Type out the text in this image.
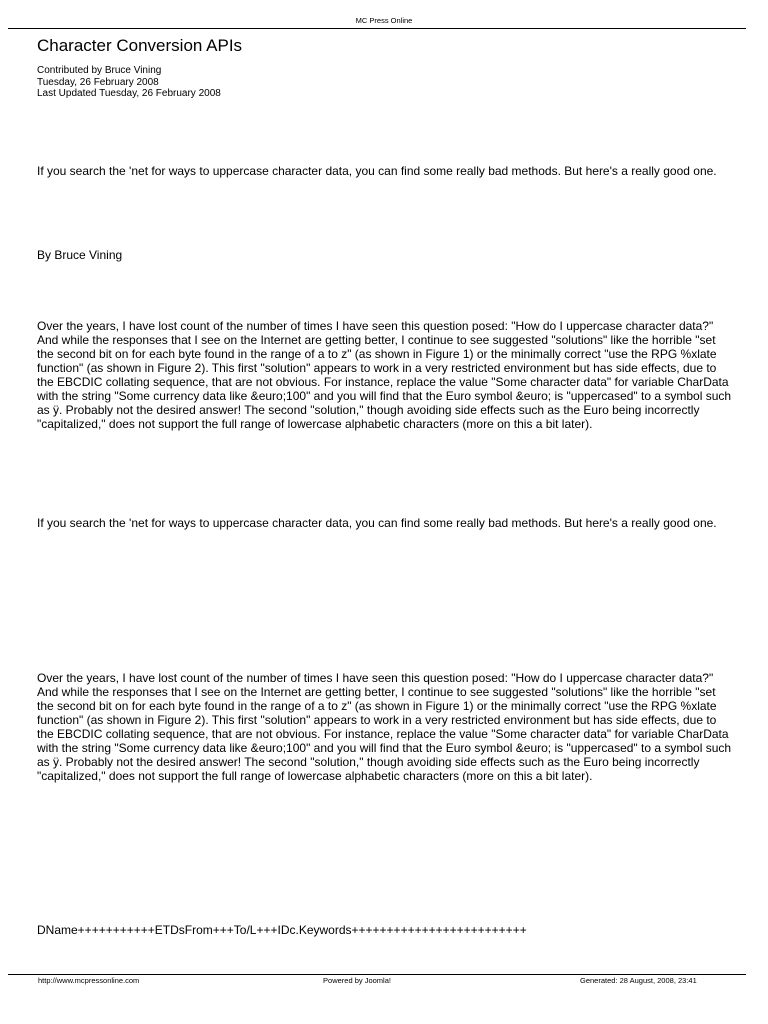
MC Press Online
Character Conversion APIs
Contributed by Bruce Vining
Tuesday, 26 February 2008
Last Updated Tuesday, 26 February 2008

If you search the 'net for ways to uppercase character data, you can find some really bad methods. But here's a really good one.

By Bruce Vining

Over the years, I have lost count of the number of times I have seen this question posed: "How do I uppercase character data?" And while the responses that I see on the Internet are getting better, I continue to see suggested "solutions" like the horrible "set the second bit on for each byte found in the range of a to z" (as shown in Figure 1) or the minimally correct "use the RPG %xlate function" (as shown in Figure 2). This first "solution" appears to work in a very restricted environment but has side effects, due to the EBCDIC collating sequence, that are not obvious. For instance, replace the value "Some character data" for variable CharData with the string "Some currency data like &euro;100" and you will find that the Euro symbol &euro; is "uppercased" to a symbol such as ÿ. Probably not the desired answer! The second "solution," though avoiding side effects such as the Euro being incorrectly "capitalized," does not support the full range of lowercase alphabetic characters (more on this a bit later).

If you search the 'net for ways to uppercase character data, you can find some really bad methods. But here's a really good one.

Over the years, I have lost count of the number of times I have seen this question posed: "How do I uppercase character data?" And while the responses that I see on the Internet are getting better, I continue to see suggested "solutions" like the horrible "set the second bit on for each byte found in the range of a to z" (as shown in Figure 1) or the minimally correct "use the RPG %xlate function" (as shown in Figure 2). This first "solution" appears to work in a very restricted environment but has side effects, due to the EBCDIC collating sequence, that are not obvious. For instance, replace the value "Some character data" for variable CharData with the string "Some currency data like &euro;100" and you will find that the Euro symbol &euro; is "uppercased" to a symbol such as ÿ. Probably not the desired answer! The second "solution," though avoiding side effects such as the Euro being incorrectly "capitalized," does not support the full range of lowercase alphabetic characters (more on this a bit later).

DName+++++++++++ETDsFrom+++To/L+++IDc.Keywords+++++++++++++++++++++++++

http://www.mcpressonline.com	Powered by Joomla!	Generated: 28 August, 2008, 23:41
